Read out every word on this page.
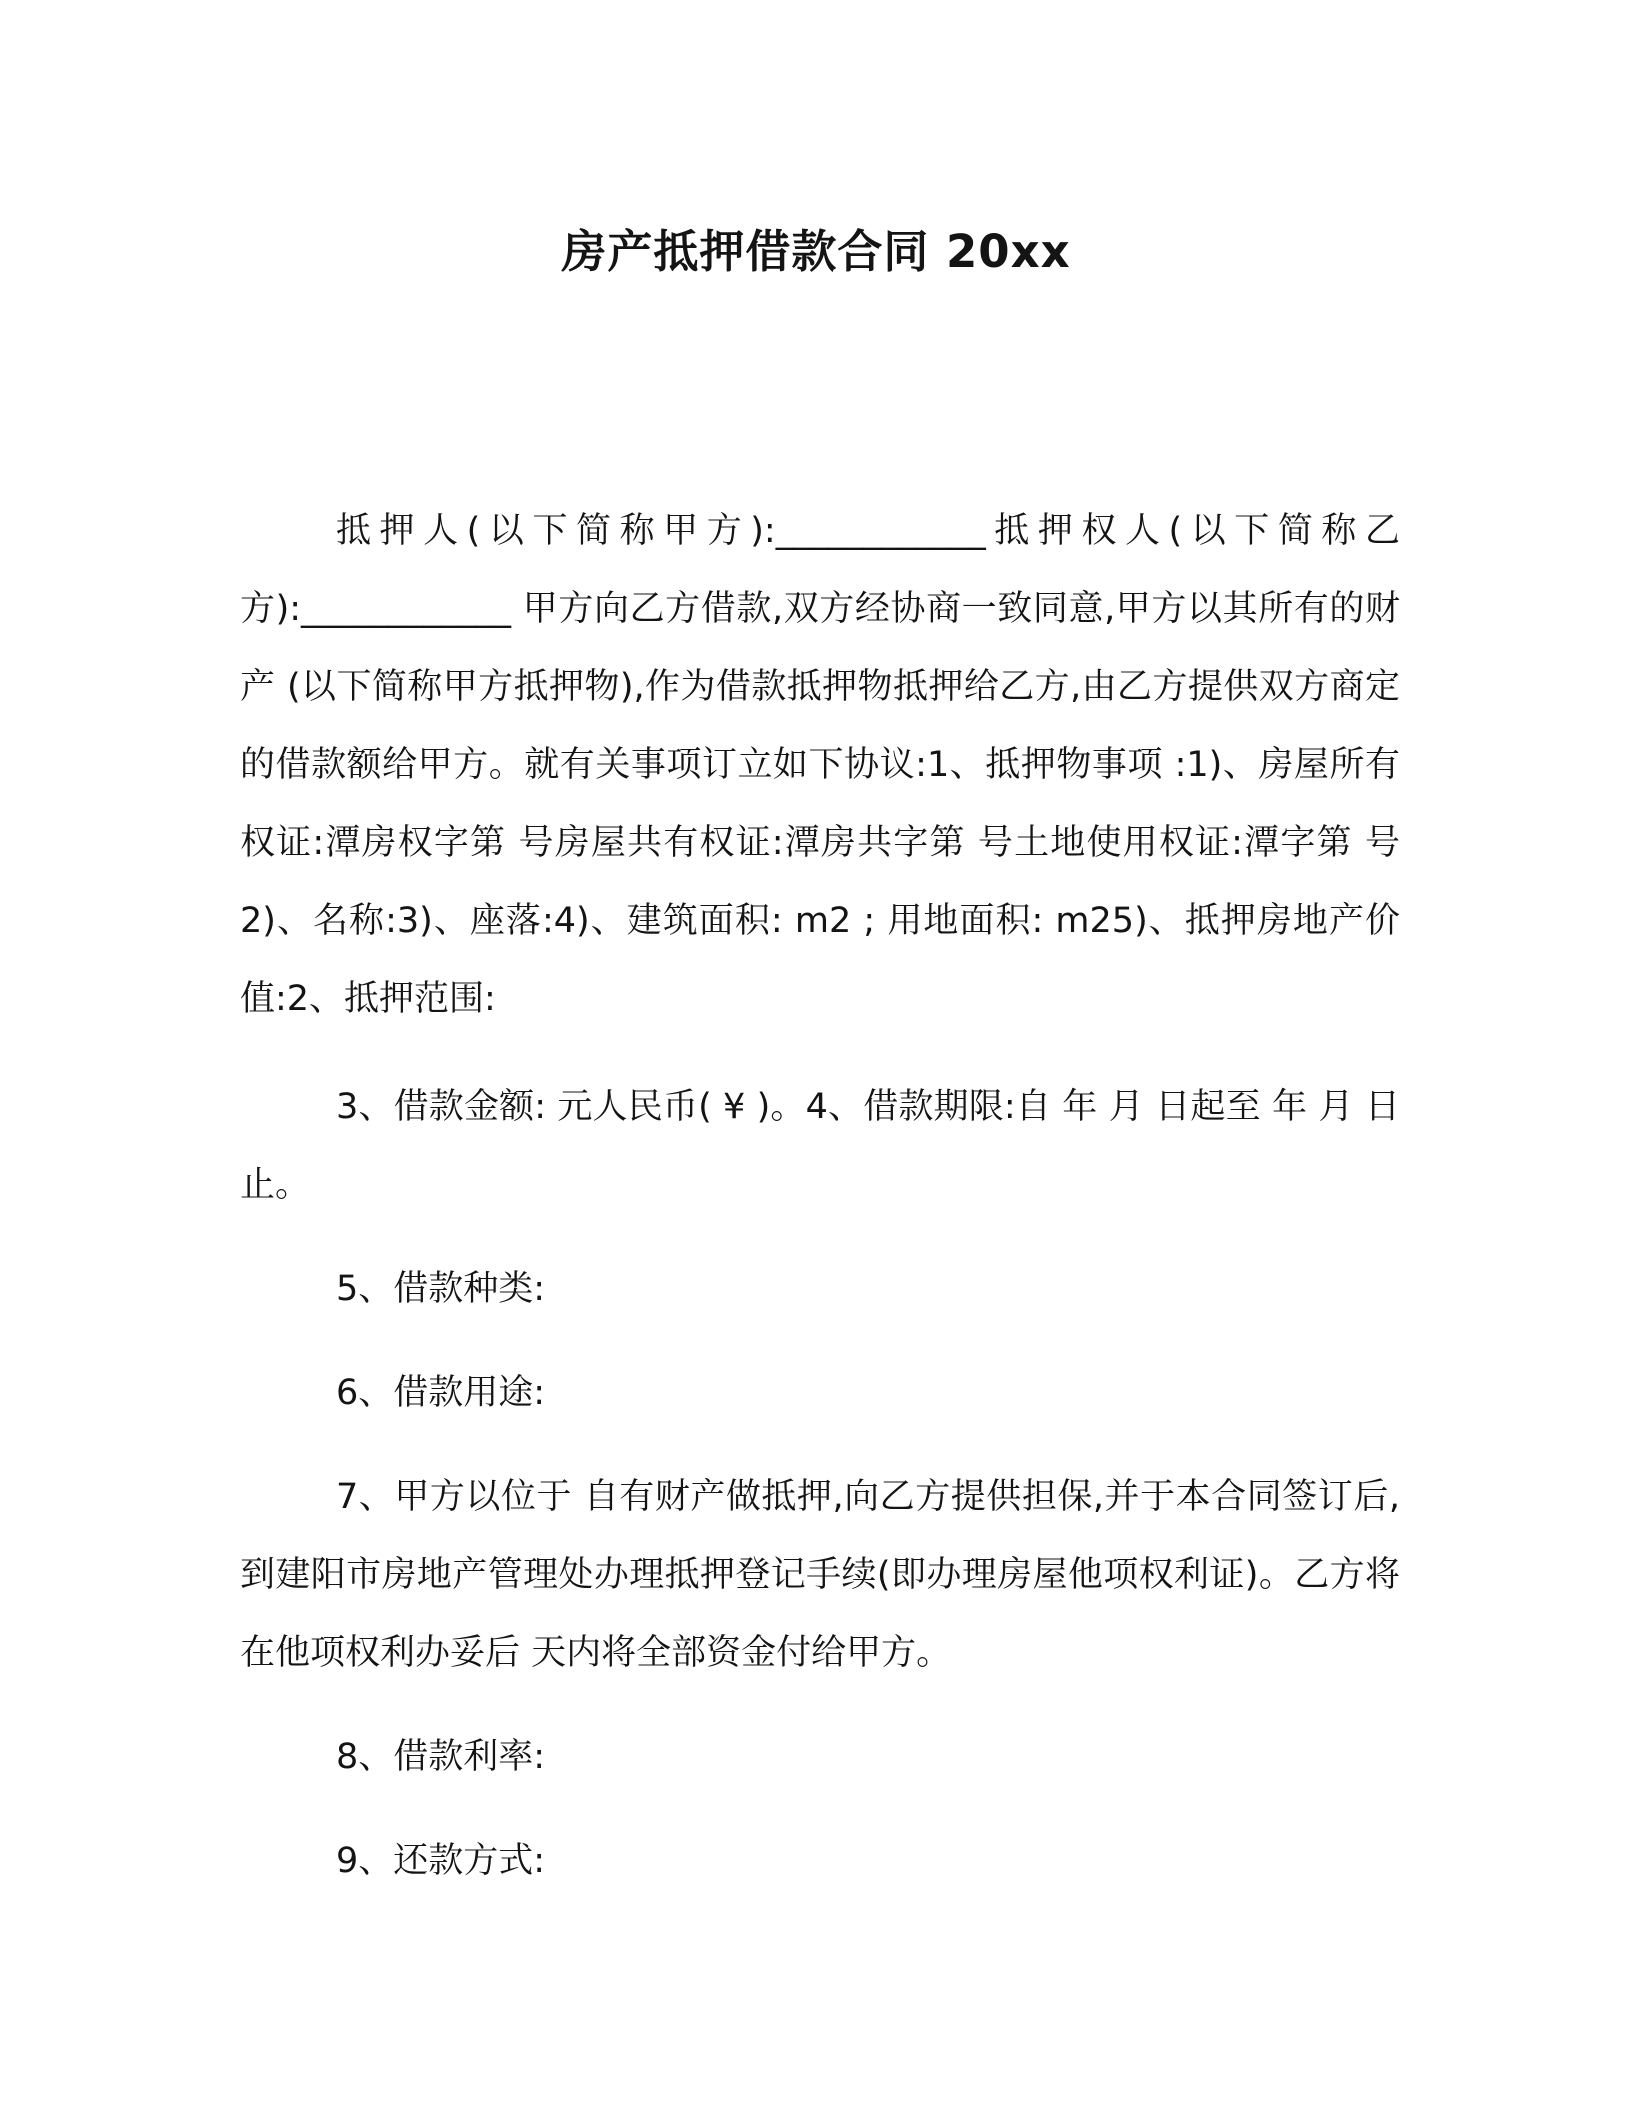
房产抵押借款合同 20xx

抵押人(以下简称甲方):____________抵押权人(以下简称乙方):____________ 甲方向乙方借款,双方经协商一致同意,甲方以其所有的财产 (以下简称甲方抵押物),作为借款抵押物抵押给乙方,由乙方提供双方商定的借款额给甲方。就有关事项订立如下协议:1、抵押物事项 :1)、房屋所有权证:潭房权字第 号房屋共有权证:潭房共字第 号土地使用权证:潭字第 号 2)、名称:3)、座落:4)、建筑面积: m2 ; 用地面积: m25)、抵押房地产价值:2、抵押范围:

3、借款金额: 元人民币( ¥ )。4、借款期限:自 年 月 日起至 年 月 日止。

5、借款种类:

6、借款用途:

7、甲方以位于 自有财产做抵押,向乙方提供担保,并于本合同签订后,到建阳市房地产管理处办理抵押登记手续(即办理房屋他项权利证)。乙方将在他项权利办妥后 天内将全部资金付给甲方。

8、借款利率:

9、还款方式:
